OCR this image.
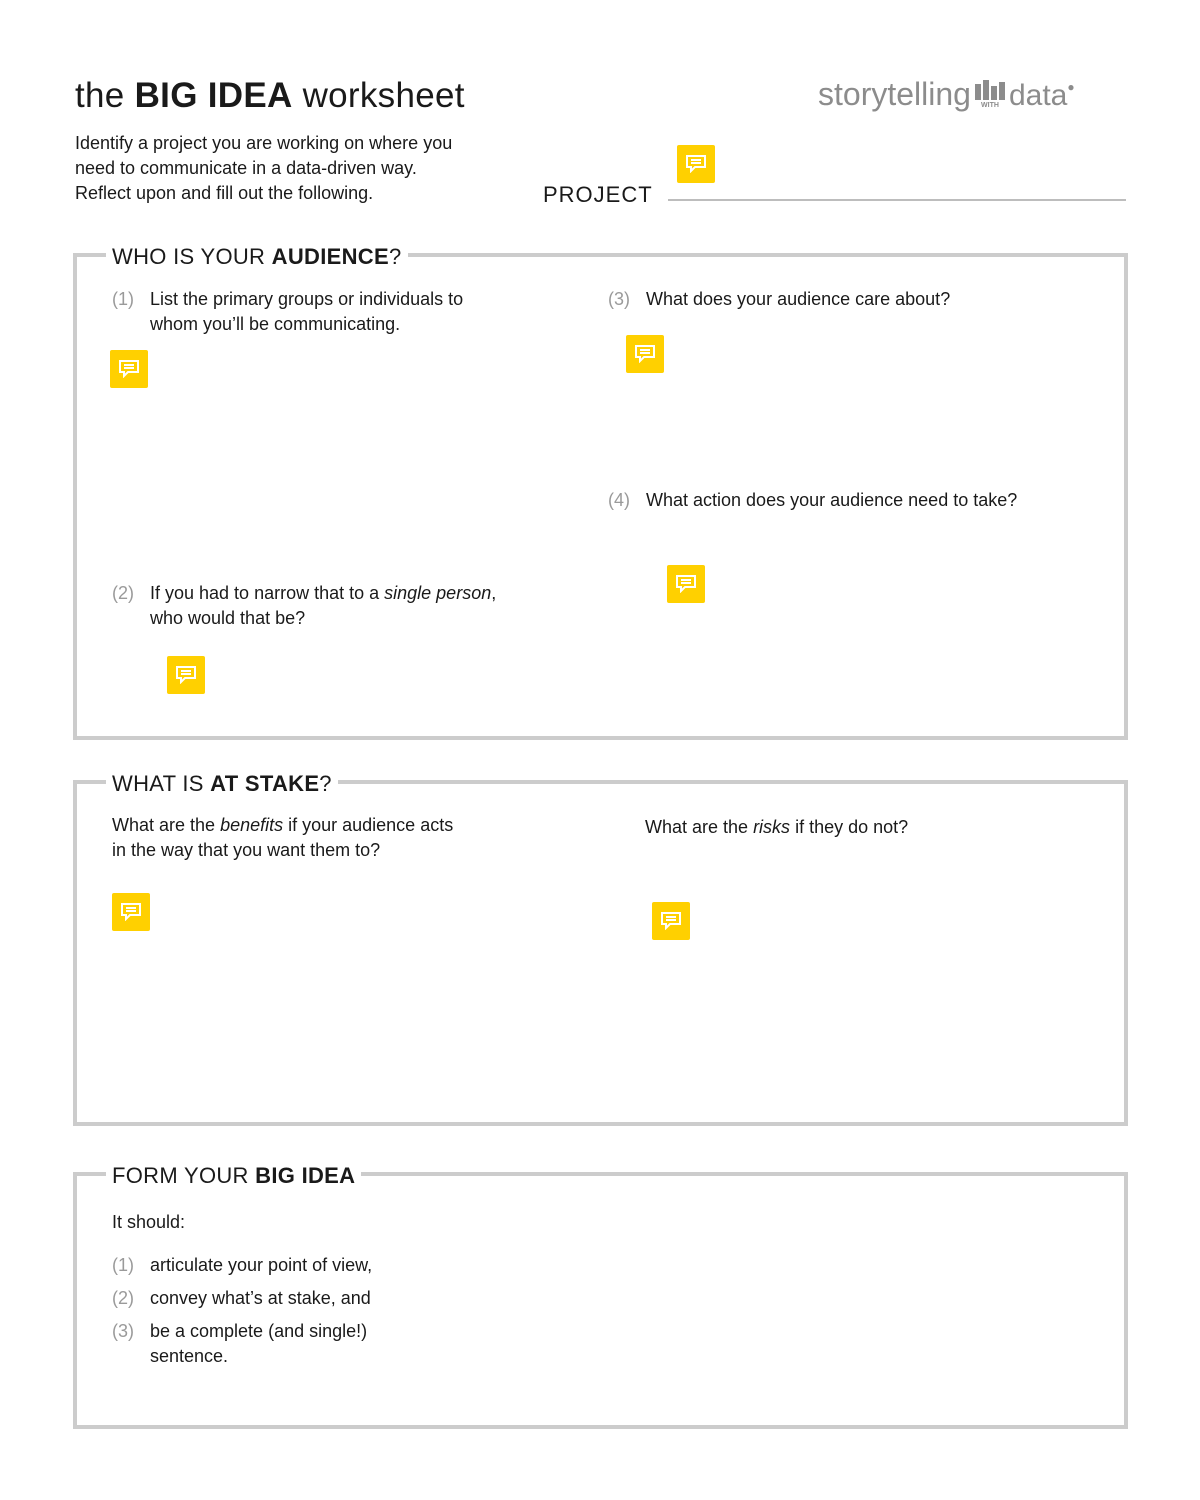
the BIG IDEA worksheet	storytelling WITH data●
Identify a project you are working on where you
need to communicate in a data-driven way.
Reflect upon and fill out the following.	PROJECT
WHO IS YOUR AUDIENCE?
(1) List the primary groups or individuals to
whom you’ll be communicating.
(2) If you had to narrow that to a single person,
who would that be?
(3) What does your audience care about?
(4) What action does your audience need to take?
WHAT IS AT STAKE?
What are the benefits if your audience acts
in the way that you want them to?
What are the risks if they do not?
FORM YOUR BIG IDEA
It should:
(1) articulate your point of view,
(2) convey what’s at stake, and
(3) be a complete (and single!)
sentence.
